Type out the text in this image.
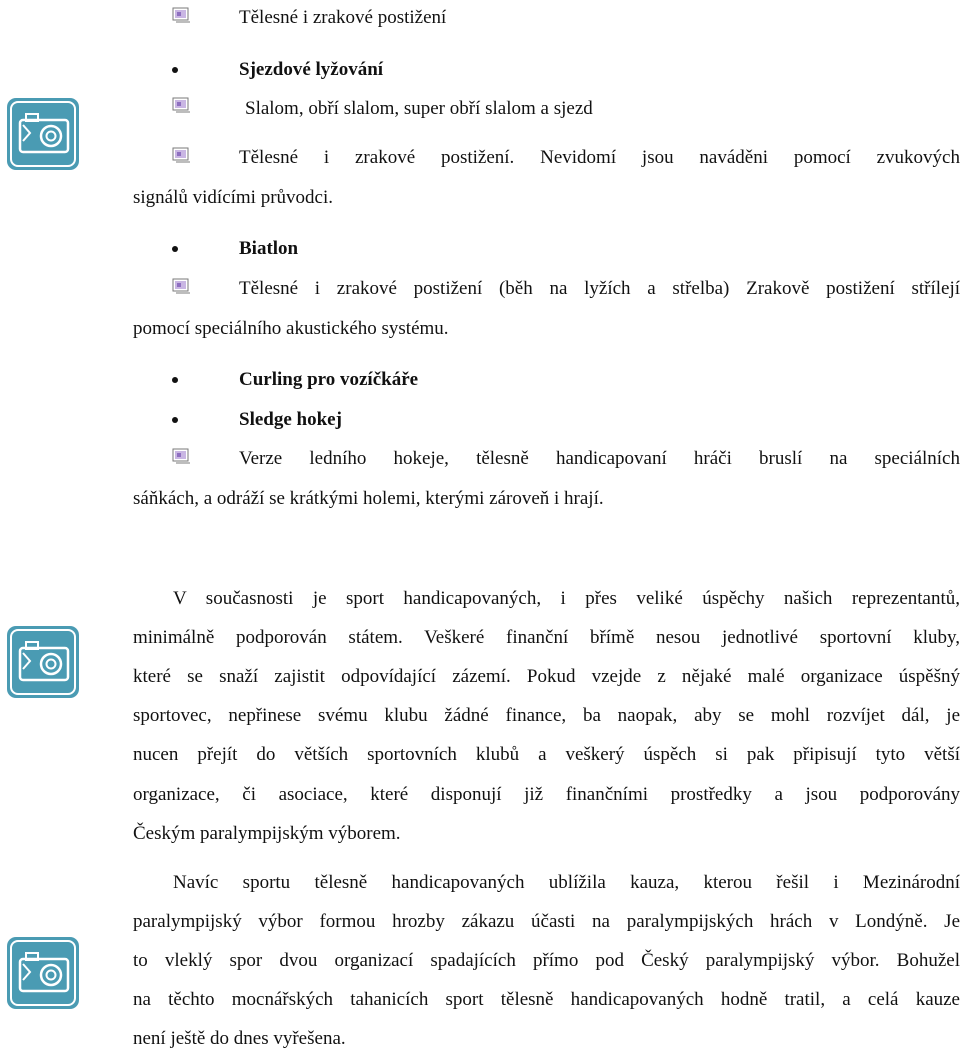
Tělesné i zrakové postižení
Sjezdové lyžování
Slalom, obří slalom, super obří slalom a sjezd
Tělesné i zrakové postižení. Nevidomí jsou naváděni pomocí zvukových
signálů vidícími průvodci.
Biatlon
Tělesné i zrakové postižení (běh na lyžích a střelba) Zrakově postižení střílejí
pomocí speciálního akustického systému.
Curling pro vozíčkáře
Sledge hokej
Verze ledního hokeje, tělesně handicapovaní hráči bruslí na speciálních
sáňkách, a odráží se krátkými holemi, kterými zároveň i hrají.
V současnosti je sport handicapovaných, i přes veliké úspěchy našich reprezentantů,
minimálně podporován státem. Veškeré finanční břímě nesou jednotlivé sportovní kluby,
které se snaží zajistit odpovídající zázemí. Pokud vzejde z nějaké malé organizace úspěšný
sportovec, nepřinese svému klubu žádné finance, ba naopak, aby se mohl rozvíjet dál, je
nucen přejít do větších sportovních klubů a veškerý úspěch si pak připisují tyto větší
organizace, či asociace, které disponují již finančními prostředky a jsou podporovány
Českým paralympijským výborem.
Navíc sportu tělesně handicapovaných ublížila kauza, kterou řešil i Mezinárodní
paralympijský výbor formou hrozby zákazu účasti na paralympijských hrách v Londýně. Je
to vleklý spor dvou organizací spadajících přímo pod Český paralympijský výbor. Bohužel
na těchto mocnářských tahanicích sport tělesně handicapovaných hodně tratil, a celá kauze
není ještě do dnes vyřešena.
